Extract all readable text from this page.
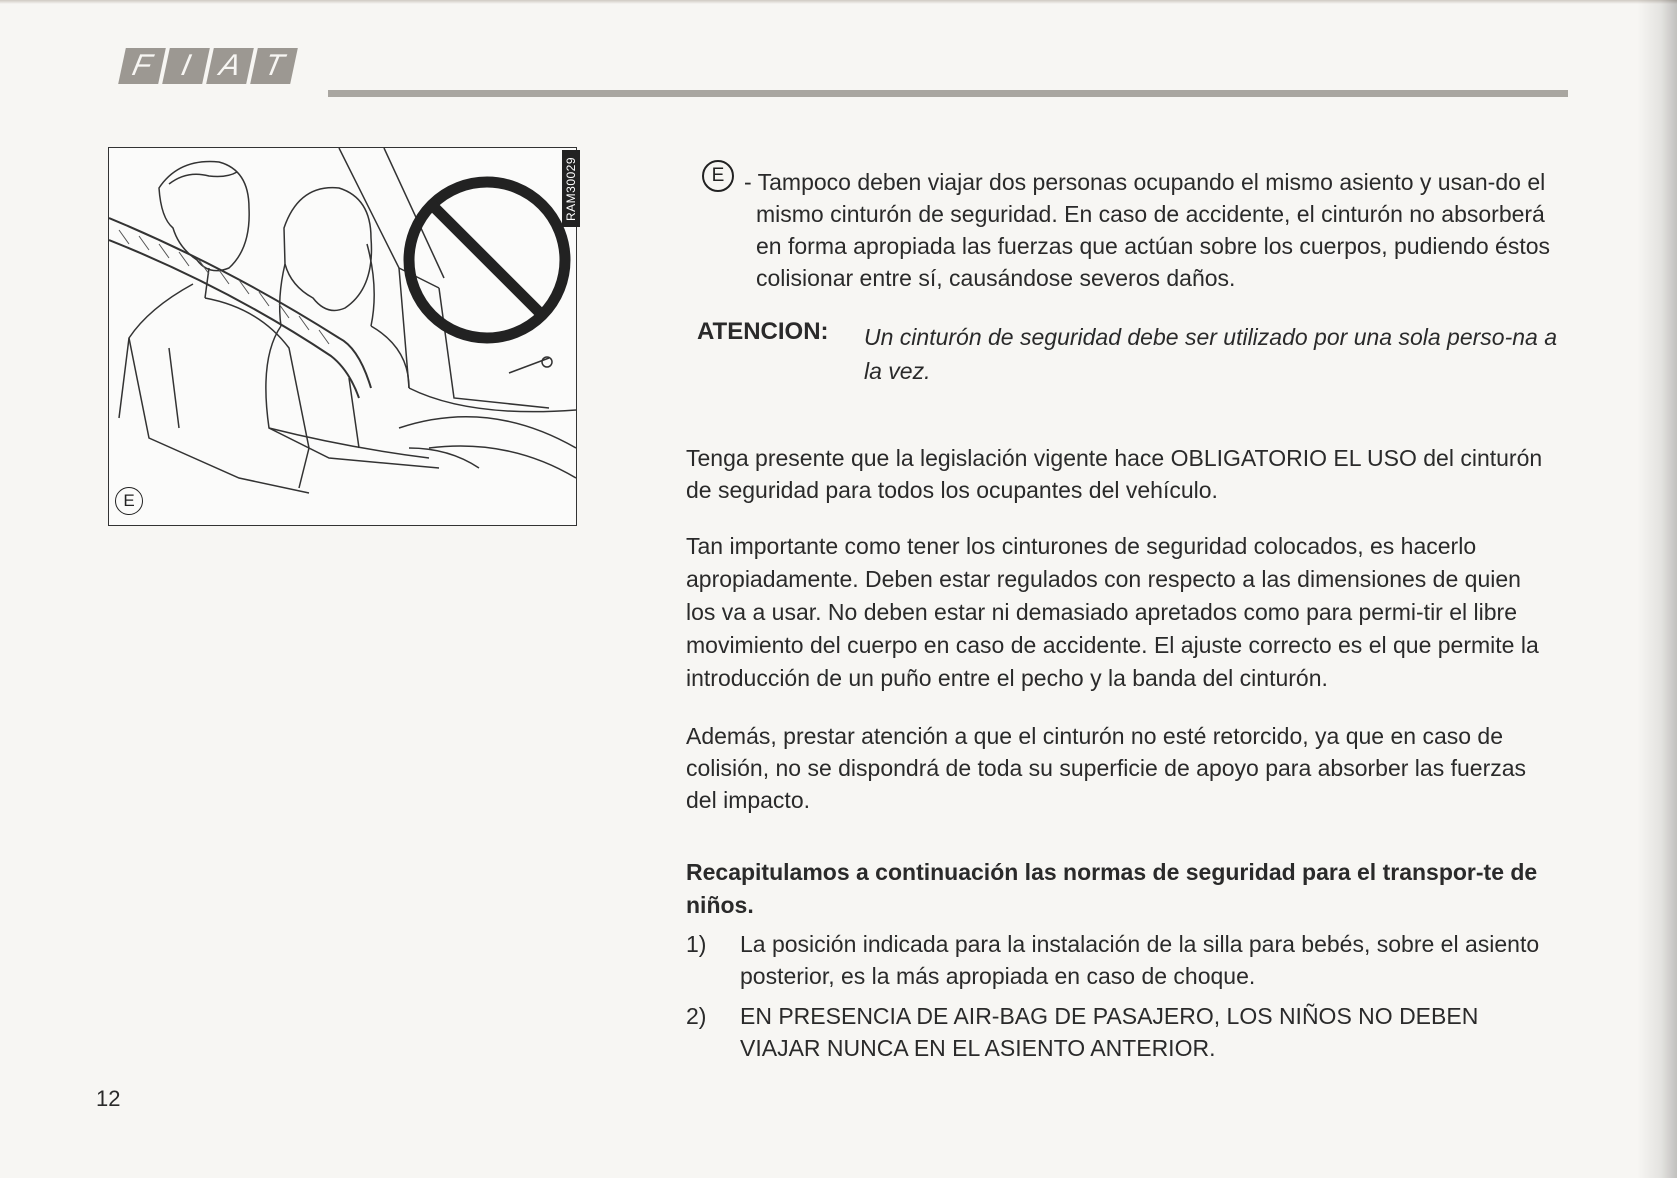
F I A T
RAM30029
E
E - Tampoco deben viajar dos personas ocupando el mismo asiento y usan-do el mismo cinturón de seguridad. En caso de accidente, el cinturón no absorberá en forma apropiada las fuerzas que actúan sobre los cuerpos, pudiendo éstos colisionar entre sí, causándose severos daños.
ATENCION: Un cinturón de seguridad debe ser utilizado por una sola perso-na a la vez.
Tenga presente que la legislación vigente hace OBLIGATORIO EL USO del cinturón de seguridad para todos los ocupantes del vehículo.
Tan importante como tener los cinturones de seguridad colocados, es hacerlo apropiadamente. Deben estar regulados con respecto a las dimensiones de quien los va a usar. No deben estar ni demasiado apretados como para permi-tir el libre movimiento del cuerpo en caso de accidente. El ajuste correcto es el que permite la introducción de un puño entre el pecho y la banda del cinturón.
Además, prestar atención a que el cinturón no esté retorcido, ya que en caso de colisión, no se dispondrá de toda su superficie de apoyo para absorber las fuerzas del impacto.
Recapitulamos a continuación las normas de seguridad para el transpor-te de niños.
1) La posición indicada para la instalación de la silla para bebés, sobre el asiento posterior, es la más apropiada en caso de choque.
2) EN PRESENCIA DE AIR-BAG DE PASAJERO, LOS NIÑOS NO DEBEN VIAJAR NUNCA EN EL ASIENTO ANTERIOR.
12
